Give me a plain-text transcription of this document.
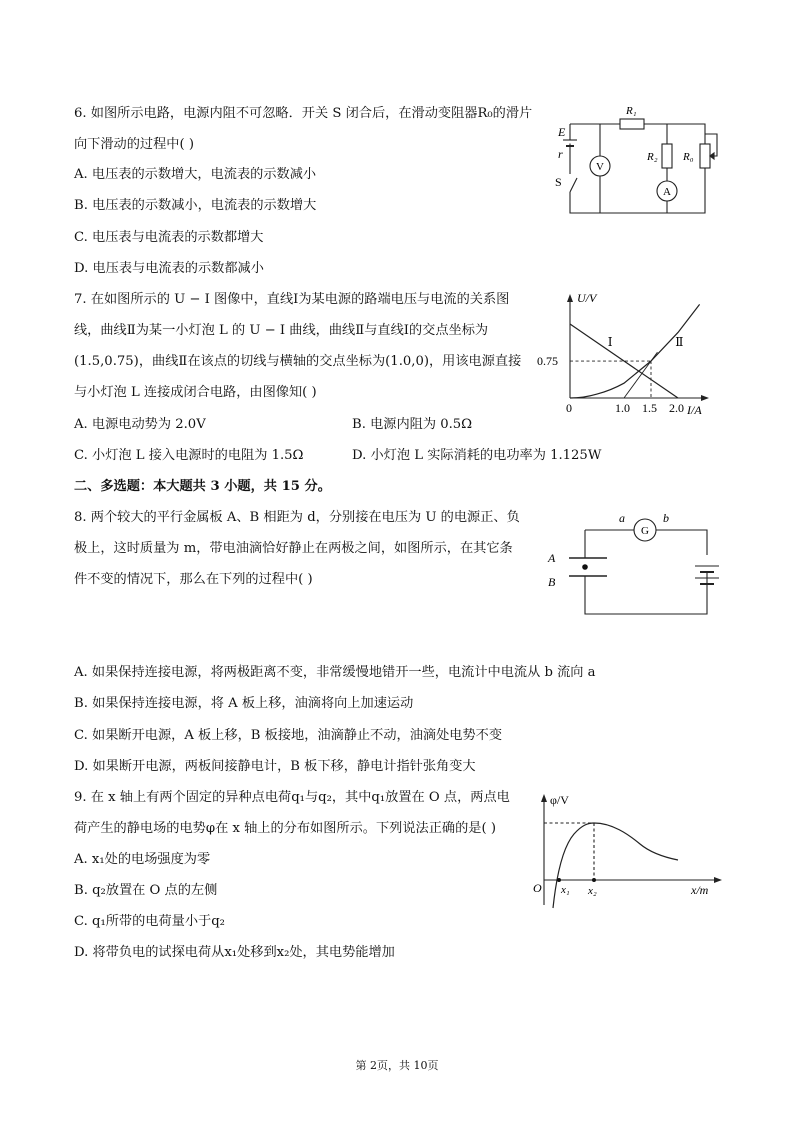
6. 如图所示电路，电源内阻不可忽略．开关 S 闭合后，在滑动变阻器R₀的滑片
向下滑动的过程中( )
A. 电压表的示数增大，电流表的示数减小
B. 电压表的示数减小，电流表的示数增大
C. 电压表与电流表的示数都增大
D. 电压表与电流表的示数都减小
E
r
S
V
A
R₁
R₂ R₀
7. 在如图所示的 U − I 图像中，直线Ⅰ为某电源的路端电压与电流的关系图
线，曲线Ⅱ为某一小灯泡 L 的 U − I 曲线，曲线Ⅱ与直线Ⅰ的交点坐标为
(1.5,0.75)，曲线Ⅱ在该点的切线与横轴的交点坐标为(1.0,0)，用该电源直接
与小灯泡 L 连接成闭合电路，由图像知( )
A. 电源电动势为 2.0V	B. 电源内阻为 0.5Ω
C. 小灯泡 L 接入电源时的电阻为 1.5Ω	D. 小灯泡 L 实际消耗的电功率为 1.125W
1.0 1.5 2.0
0.75
Ⅰ	Ⅱ
U/V
I/A
0
二、多选题：本大题共 3 小题，共 15 分。
8. 两个较大的平行金属板 A、B 相距为 d，分别接在电压为 U 的电源正、负
极上，这时质量为 m，带电油滴恰好静止在两极之间，如图所示，在其它条
件不变的情况下，那么在下列的过程中( )
G
a	b
A
B
A. 如果保持连接电源，将两极距离不变，非常缓慢地错开一些，电流计中电流从 b 流向 a
B. 如果保持连接电源，将 A 板上移，油滴将向上加速运动
C. 如果断开电源，A 板上移，B 板接地，油滴静止不动，油滴处电势不变
D. 如果断开电源，两板间接静电计，B 板下移，静电计指针张角变大
9. 在 x 轴上有两个固定的异种点电荷q₁与q₂，其中q₁放置在 O 点，两点电
荷产生的静电场的电势φ在 x 轴上的分布如图所示。下列说法正确的是( )
A. x₁处的电场强度为零
B. q₂放置在 O 点的左侧
C. q₁所带的电荷量小于q₂
D. 将带负电的试探电荷从x₁处移到x₂处，其电势能增加
φ/V
x/m
O x₁ x₂
第 2页，共 10页
